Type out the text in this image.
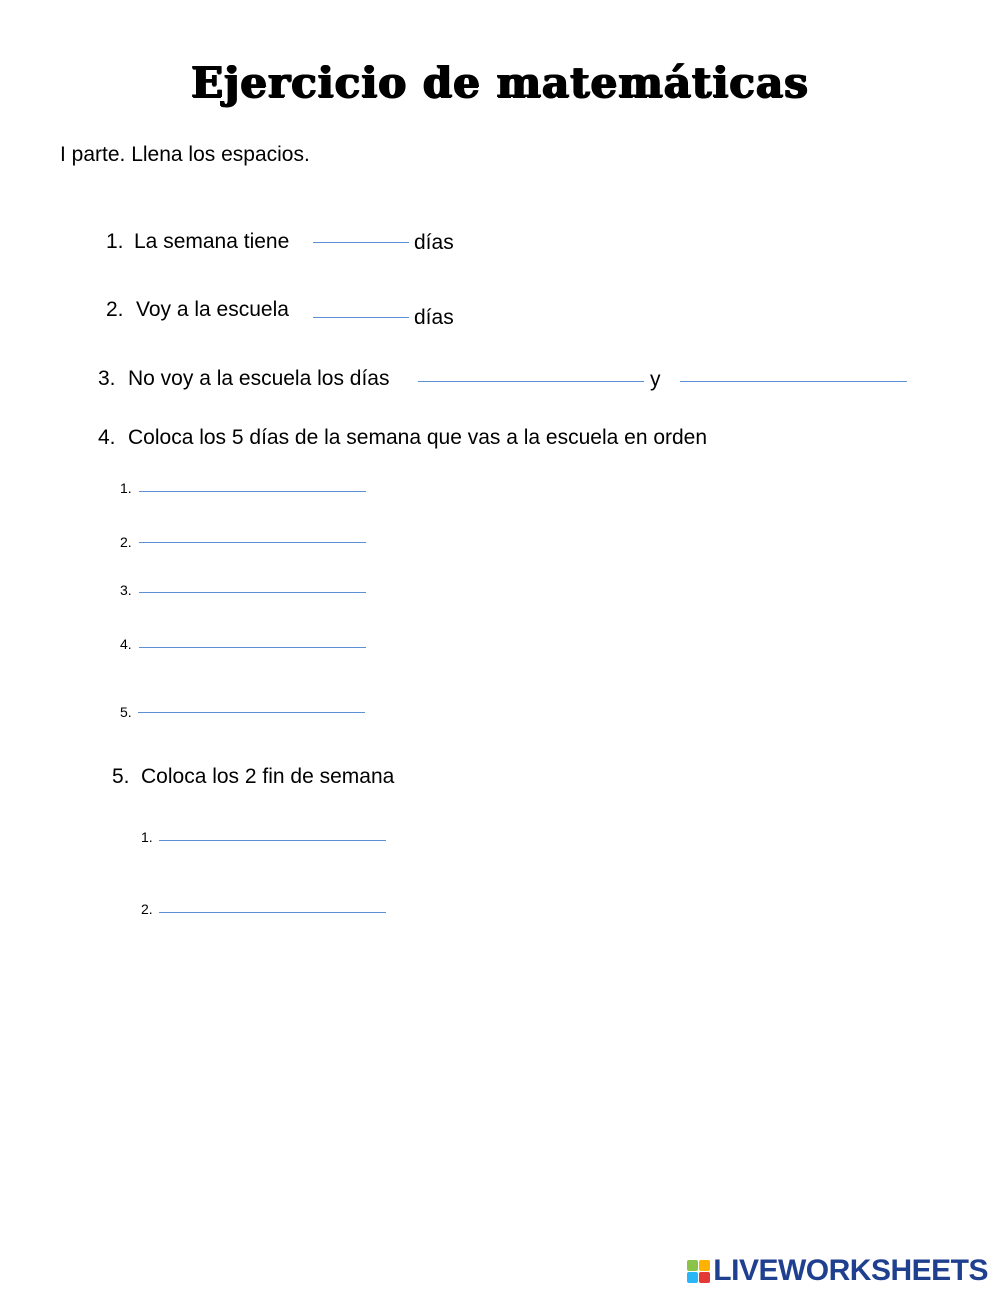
Ejercicio de matemáticas
I parte. Llena los espacios.
1. La semana tiene	días
2. Voy a la escuela	días
3. No voy a la escuela los días	y
4. Coloca los 5 días de la semana que vas a la escuela en orden
1.
2.
3.
4.
5.
5. Coloca los 2 fin de semana
1.
2.
LIVEWORKSHEETS
